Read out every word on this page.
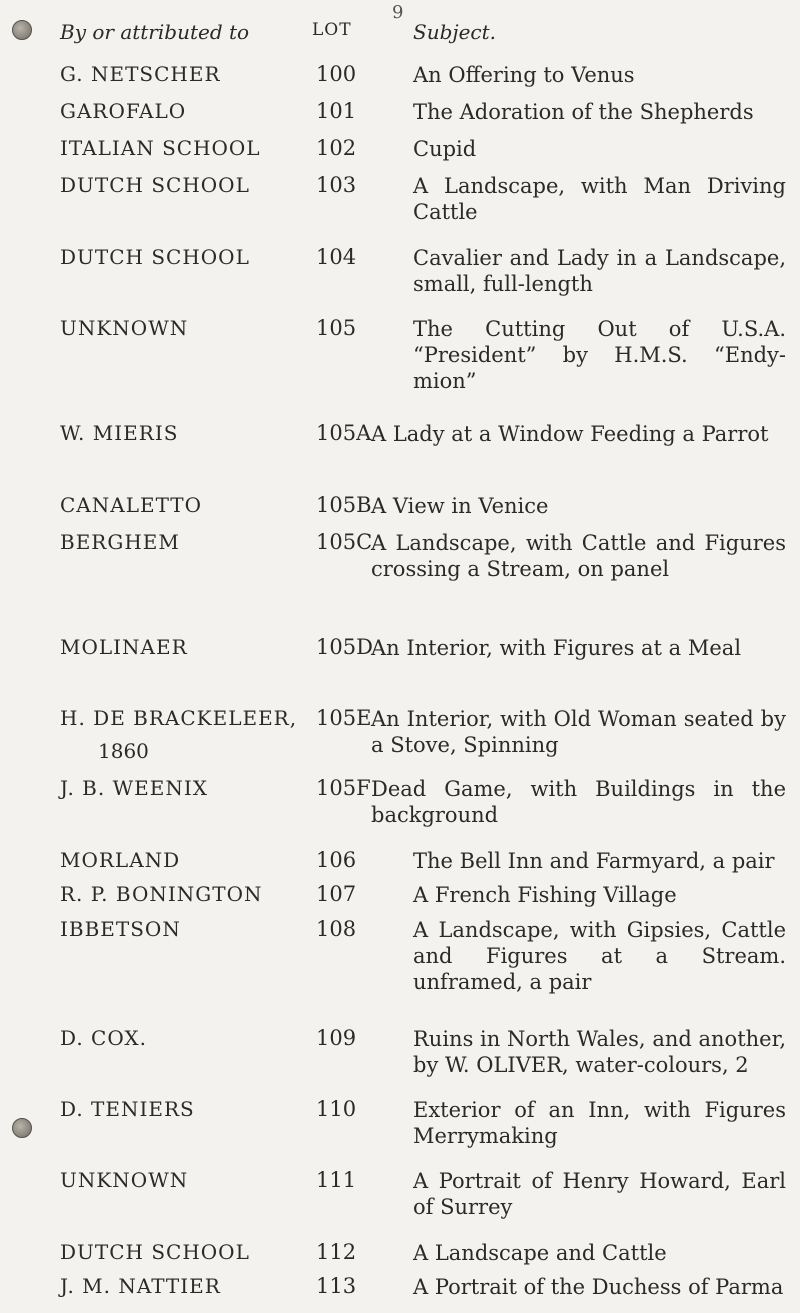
9
By or attributed to	LOT	Subject.
G. NETSCHER
GAROFALO
ITALIAN SCHOOL
DUTCH SCHOOL
DUTCH SCHOOL
UNKNOWN
W. MIERIS
CANALETTO
BERGHEM
MOLINAER
H. DE BRACKELEER,
1860
J. B. WEENIX
MORLAND
R. P. BONINGTON
IBBETSON
D. COX.
D. TENIERS
UNKNOWN
DUTCH SCHOOL
J. M. NATTIER
100
101
102
103
104
105
105A
105B
105C
105D
105E
105F
106
107
108
109
110
111
112
113
An Offering to Venus
The Adoration of the Shepherds
Cupid
A Landscape, with Man Driving Cattle
Cavalier and Lady in a Landscape, small, full-length
The Cutting Out of U.S.A. “President” by H.M.S. “Endy-mion”
A Lady at a Window Feeding a Parrot
A View in Venice
A Landscape, with Cattle and Figures crossing a Stream, on panel
An Interior, with Figures at a Meal
An Interior, with Old Woman seated by a Stove, Spinning
Dead Game, with Buildings in the background
The Bell Inn and Farmyard, a pair
A French Fishing Village
A Landscape, with Gipsies, Cattle and Figures at a Stream. unframed, a pair
Ruins in North Wales, and another, by W. OLIVER, water-colours, 2
Exterior of an Inn, with Figures Merrymaking
A Portrait of Henry Howard, Earl of Surrey
A Landscape and Cattle
A Portrait of the Duchess of Parma
